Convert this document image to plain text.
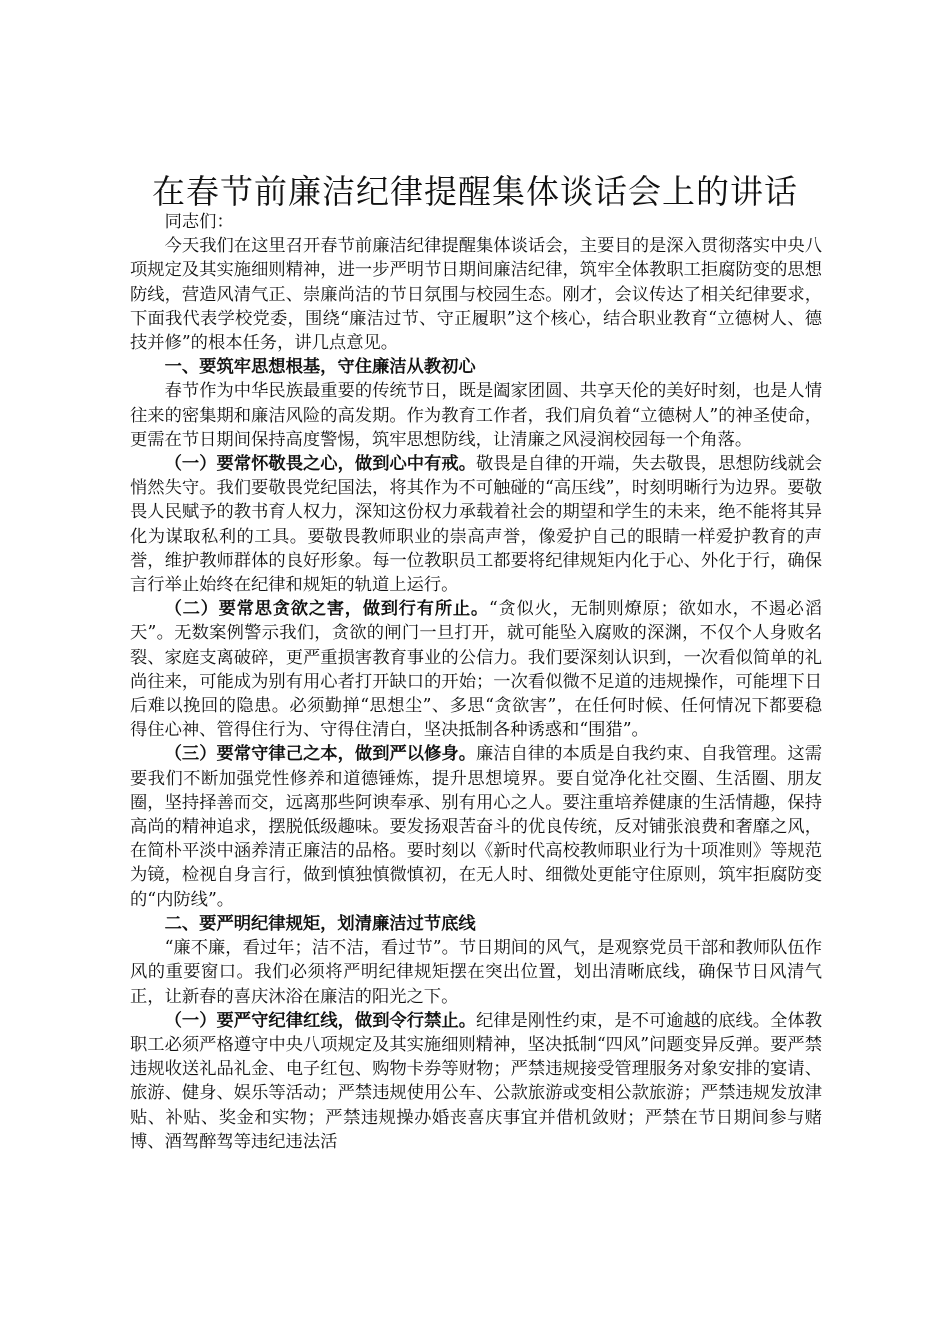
在春节前廉洁纪律提醒集体谈话会上的讲话

同志们：

今天我们在这里召开春节前廉洁纪律提醒集体谈话会，主要目的是深入贯彻落实中央八项规定及其实施细则精神，进一步严明节日期间廉洁纪律，筑牢全体教职工拒腐防变的思想防线，营造风清气正、崇廉尚洁的节日氛围与校园生态。刚才，会议传达了相关纪律要求，下面我代表学校党委，围绕“廉洁过节、守正履职”这个核心，结合职业教育“立德树人、德技并修”的根本任务，讲几点意见。

一、要筑牢思想根基，守住廉洁从教初心

春节作为中华民族最重要的传统节日，既是阖家团圆、共享天伦的美好时刻，也是人情往来的密集期和廉洁风险的高发期。作为教育工作者，我们肩负着“立德树人”的神圣使命，更需在节日期间保持高度警惕，筑牢思想防线，让清廉之风浸润校园每一个角落。

（一）要常怀敬畏之心，做到心中有戒。敬畏是自律的开端，失去敬畏，思想防线就会悄然失守。我们要敬畏党纪国法，将其作为不可触碰的“高压线”，时刻明晰行为边界。要敬畏人民赋予的教书育人权力，深知这份权力承载着社会的期望和学生的未来，绝不能将其异化为谋取私利的工具。要敬畏教师职业的崇高声誉，像爱护自己的眼睛一样爱护教育的声誉，维护教师群体的良好形象。每一位教职员工都要将纪律规矩内化于心、外化于行，确保言行举止始终在纪律和规矩的轨道上运行。

（二）要常思贪欲之害，做到行有所止。“贪似火，无制则燎原；欲如水，不遏必滔天”。无数案例警示我们，贪欲的闸门一旦打开，就可能坠入腐败的深渊，不仅个人身败名裂、家庭支离破碎，更严重损害教育事业的公信力。我们要深刻认识到，一次看似简单的礼尚往来，可能成为别有用心者打开缺口的开始；一次看似微不足道的违规操作，可能埋下日后难以挽回的隐患。必须勤掸“思想尘”、多思“贪欲害”，在任何时候、任何情况下都要稳得住心神、管得住行为、守得住清白，坚决抵制各种诱惑和“围猎”。

（三）要常守律己之本，做到严以修身。廉洁自律的本质是自我约束、自我管理。这需要我们不断加强党性修养和道德锤炼，提升思想境界。要自觉净化社交圈、生活圈、朋友圈，坚持择善而交，远离那些阿谀奉承、别有用心之人。要注重培养健康的生活情趣，保持高尚的精神追求，摆脱低级趣味。要发扬艰苦奋斗的优良传统，反对铺张浪费和奢靡之风，在简朴平淡中涵养清正廉洁的品格。要时刻以《新时代高校教师职业行为十项准则》等规范为镜，检视自身言行，做到慎独慎微慎初，在无人时、细微处更能守住原则，筑牢拒腐防变的“内防线”。

二、要严明纪律规矩，划清廉洁过节底线

“廉不廉，看过年；洁不洁，看过节”。节日期间的风气，是观察党员干部和教师队伍作风的重要窗口。我们必须将严明纪律规矩摆在突出位置，划出清晰底线，确保节日风清气正，让新春的喜庆沐浴在廉洁的阳光之下。

（一）要严守纪律红线，做到令行禁止。纪律是刚性约束，是不可逾越的底线。全体教职工必须严格遵守中央八项规定及其实施细则精神，坚决抵制“四风”问题变异反弹。要严禁违规收送礼品礼金、电子红包、购物卡券等财物；严禁违规接受管理服务对象安排的宴请、旅游、健身、娱乐等活动；严禁违规使用公车、公款旅游或变相公款旅游；严禁违规发放津贴、补贴、奖金和实物；严禁违规操办婚丧喜庆事宜并借机敛财；严禁在节日期间参与赌博、酒驾醉驾等违纪违法活
